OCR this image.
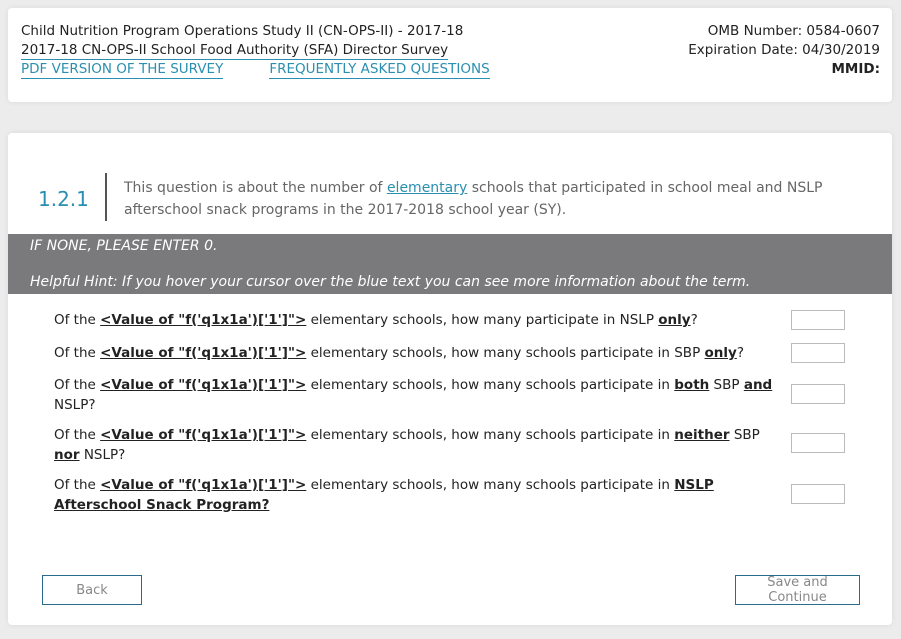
Child Nutrition Program Operations Study II (CN-OPS-II) - 2017-18
2017-18 CN-OPS-II School Food Authority (SFA) Director Survey
PDF VERSION OF THE SURVEY	FREQUENTLY ASKED QUESTIONS
OMB Number: 0584-0607
Expiration Date: 04/30/2019
MMID:
1.2.1	This question is about the number of elementary schools that participated in school meal and NSLP afterschool snack programs in the 2017-2018 school year (SY).
IF NONE, PLEASE ENTER 0.
Helpful Hint: If you hover your cursor over the blue text you can see more information about the term.
Of the <Value of "f('q1x1a')['1']"> elementary schools, how many participate in NSLP only?
Of the <Value of "f('q1x1a')['1']"> elementary schools, how many schools participate in SBP only?
Of the <Value of "f('q1x1a')['1']"> elementary schools, how many schools participate in both SBP and NSLP?
Of the <Value of "f('q1x1a')['1']"> elementary schools, how many schools participate in neither SBP nor NSLP?
Of the <Value of "f('q1x1a')['1']"> elementary schools, how many schools participate in NSLP Afterschool Snack Program?
Back	Save and Continue
